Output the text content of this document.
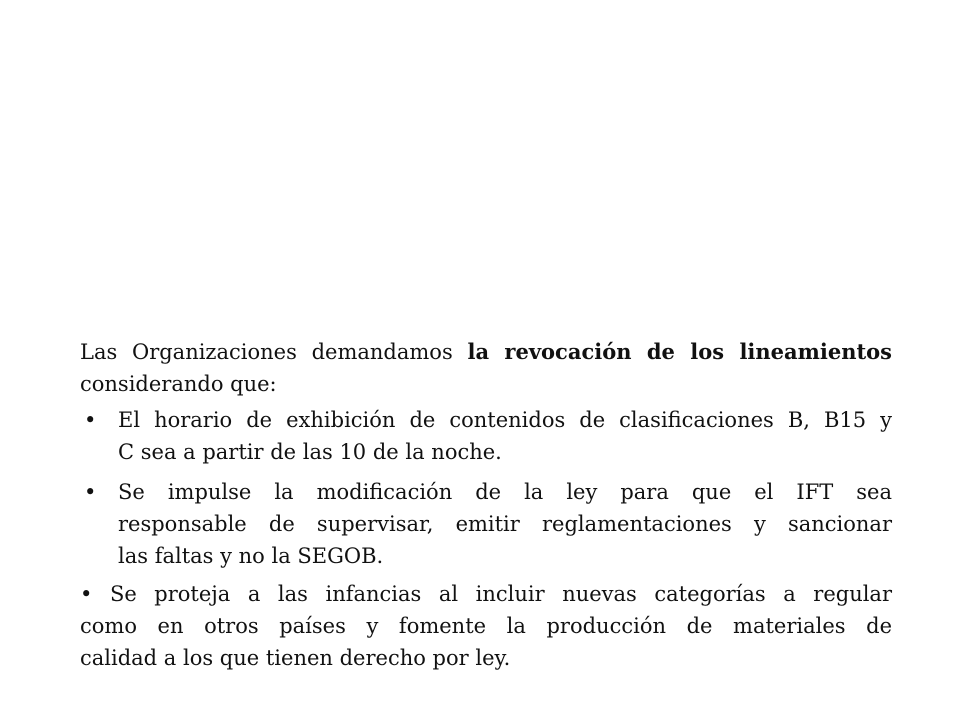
Las Organizaciones demandamos la revocación de los lineamientos
considerando que:
• El horario de exhibición de contenidos de clasificaciones B, B15 y
C sea a partir de las 10 de la noche.
• Se impulse la modificación de la ley para que el IFT sea
responsable de supervisar, emitir reglamentaciones y sancionar
las faltas y no la SEGOB.
• Se proteja a las infancias al incluir nuevas categorías a regular
como en otros países y fomente la producción de materiales de
calidad a los que tienen derecho por ley.
